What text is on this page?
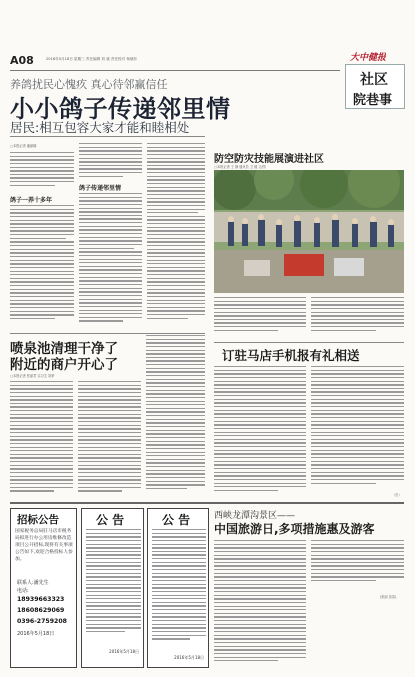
A08	2016年5月18日 星期三 责任编辑 刘 斌 责任校对 杨晓东	大中健报
社区
院巷事
养鸽扰民心愧疚 真心待邻赢信任
小小鸽子传递邻里情
居民:相互包容大家才能和睦相处
□本报记者 潘丽娜
鸽子一养十多年
鸽子传递邻里情
防空防灾技能展演进社区
□本报记者 王 静 通讯员 卫 健 文/图
喷泉池清理干净了
附近的商户开心了
□本报记者 张丽君 实习生 刘梦
订驻马店手机报有礼相送
（宗）
招标公告
国家税务总局驻马店市税务局拟进行办公用房维修改造项目公开招标,现将有关事项公告如下,欢迎合格投标人参加。
联系人:潘先生
电话:
18939663323
18608629069
0396-2759208
2016年5月18日
公 告
2016年5月18日
公 告
2016年5月18日
西峡龙潭沟景区——
中国旅游日,多项措施惠及游客
(张丽 苗苗)
